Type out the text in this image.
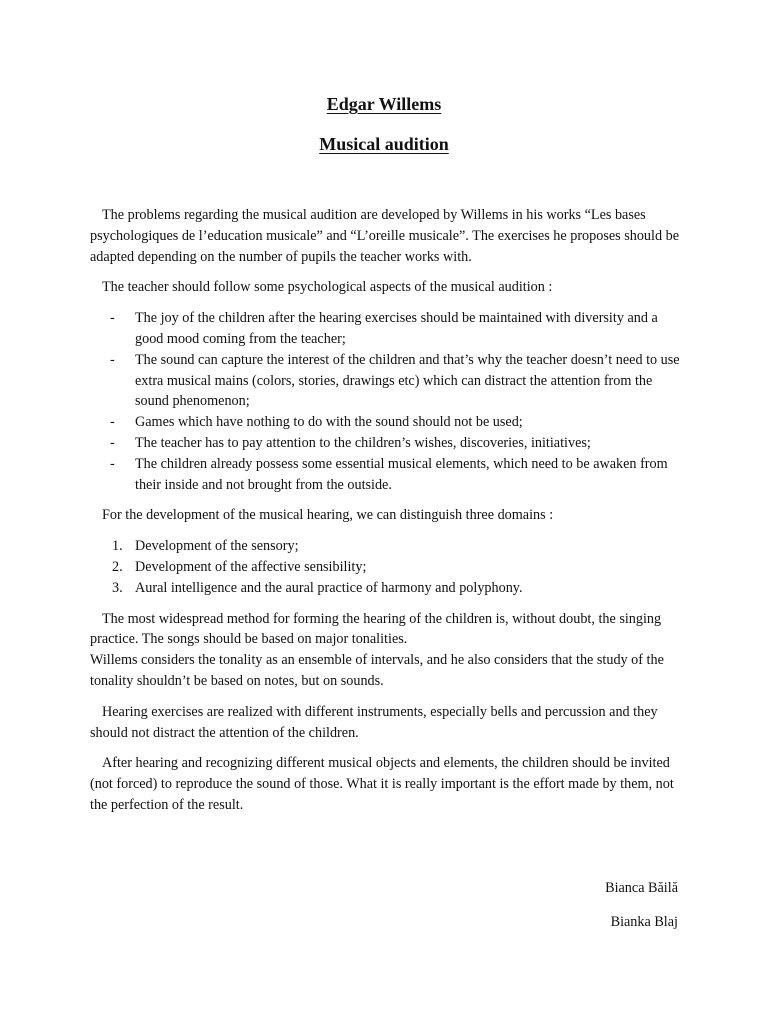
Edgar Willems
Musical audition

The problems regarding the musical audition are developed by Willems in his works “Les bases psychologiques de l’education musicale” and “L’oreille musicale”. The exercises he proposes should be adapted depending on the number of pupils the teacher works with.

The teacher should follow some psychological aspects of the musical audition :

- The joy of the children after the hearing exercises should be maintained with diversity and a good mood coming from the teacher;
- The sound can capture the interest of the children and that’s why the teacher doesn’t need to use extra musical mains (colors, stories, drawings etc) which can distract the attention from the sound phenomenon;
- Games which have nothing to do with the sound should not be used;
- The teacher has to pay attention to the children’s wishes, discoveries, initiatives;
- The children already possess some essential musical elements, which need to be awaken from their inside and not brought from the outside.

For the development of the musical hearing, we can distinguish three domains :

1. Development of the sensory;
2. Development of the affective sensibility;
3. Aural intelligence and the aural practice of harmony and polyphony.
The most widespread method for forming the hearing of the children is, without doubt, the singing practice. The songs should be based on major tonalities.
Willems considers the tonality as an ensemble of intervals, and he also considers that the study of the tonality shouldn’t be based on notes, but on sounds.

Hearing exercises are realized with different instruments, especially bells and percussion and they should not distract the attention of the children.

After hearing and recognizing different musical objects and elements, the children should be invited (not forced) to reproduce the sound of those. What it is really important is the effort made by them, not the perfection of the result.

Bianca Băilă

Bianka Blaj
